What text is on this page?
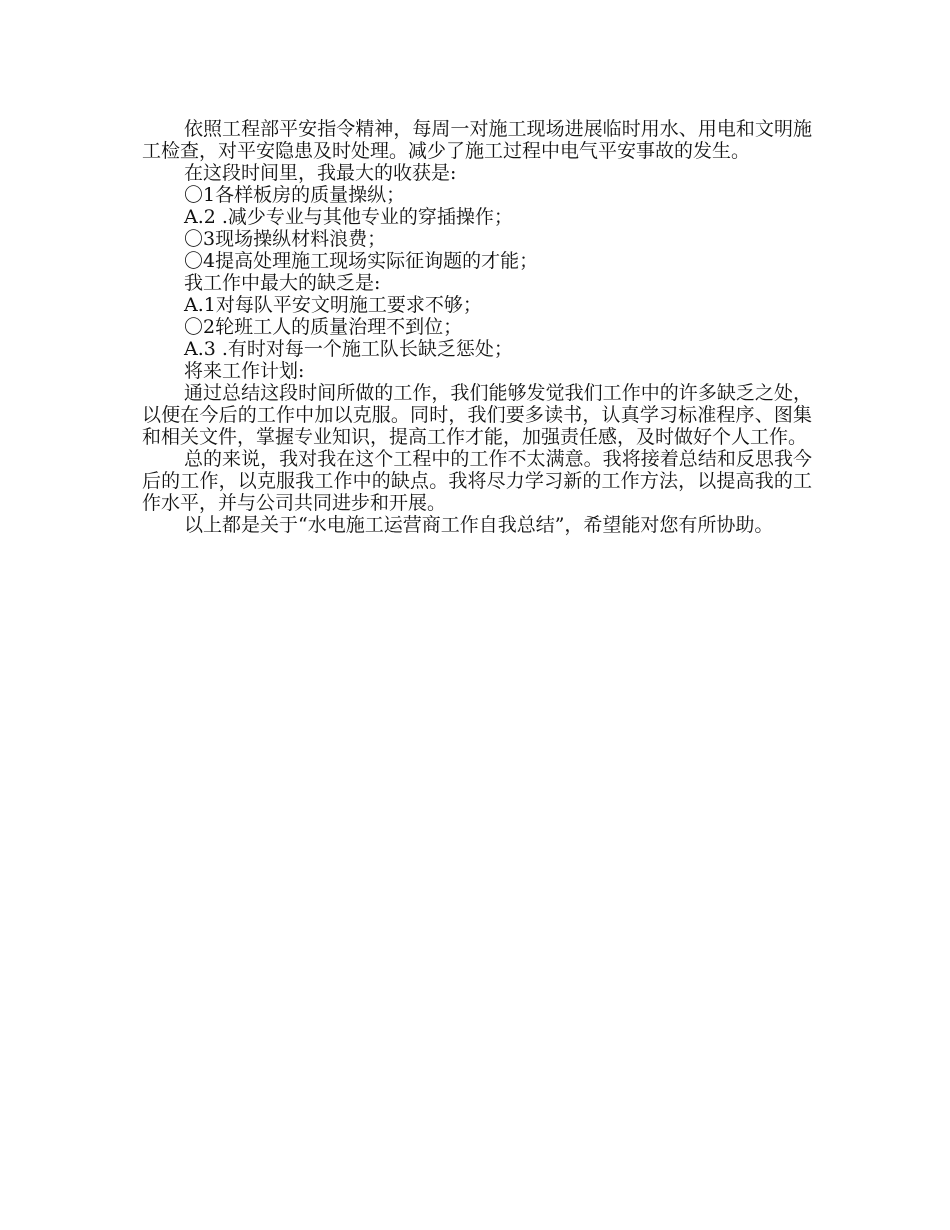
依照工程部平安指令精神，每周一对施工现场进展临时用水、用电和文明施工检查，对平安隐患及时处理。减少了施工过程中电气平安事故的发生。

在这段时间里，我最大的收获是:

〇1各样板房的质量操纵；

A.2 .减少专业与其他专业的穿插操作；

〇3现场操纵材料浪费；

〇4提高处理施工现场实际征询题的才能；

我工作中最大的缺乏是:

A.1对每队平安文明施工要求不够；

〇2轮班工人的质量治理不到位；

A.3 .有时对每一个施工队长缺乏惩处；

将来工作计划:

通过总结这段时间所做的工作，我们能够发觉我们工作中的许多缺乏之处，以便在今后的工作中加以克服。同时，我们要多读书，认真学习标准程序、图集和相关文件，掌握专业知识，提高工作才能，加强责任感，及时做好个人工作。

总的来说，我对我在这个工程中的工作不太满意。我将接着总结和反思我今后的工作，以克服我工作中的缺点。我将尽力学习新的工作方法，以提高我的工作水平，并与公司共同进步和开展。

以上都是关于“水电施工运营商工作自我总结”，希望能对您有所协助。
